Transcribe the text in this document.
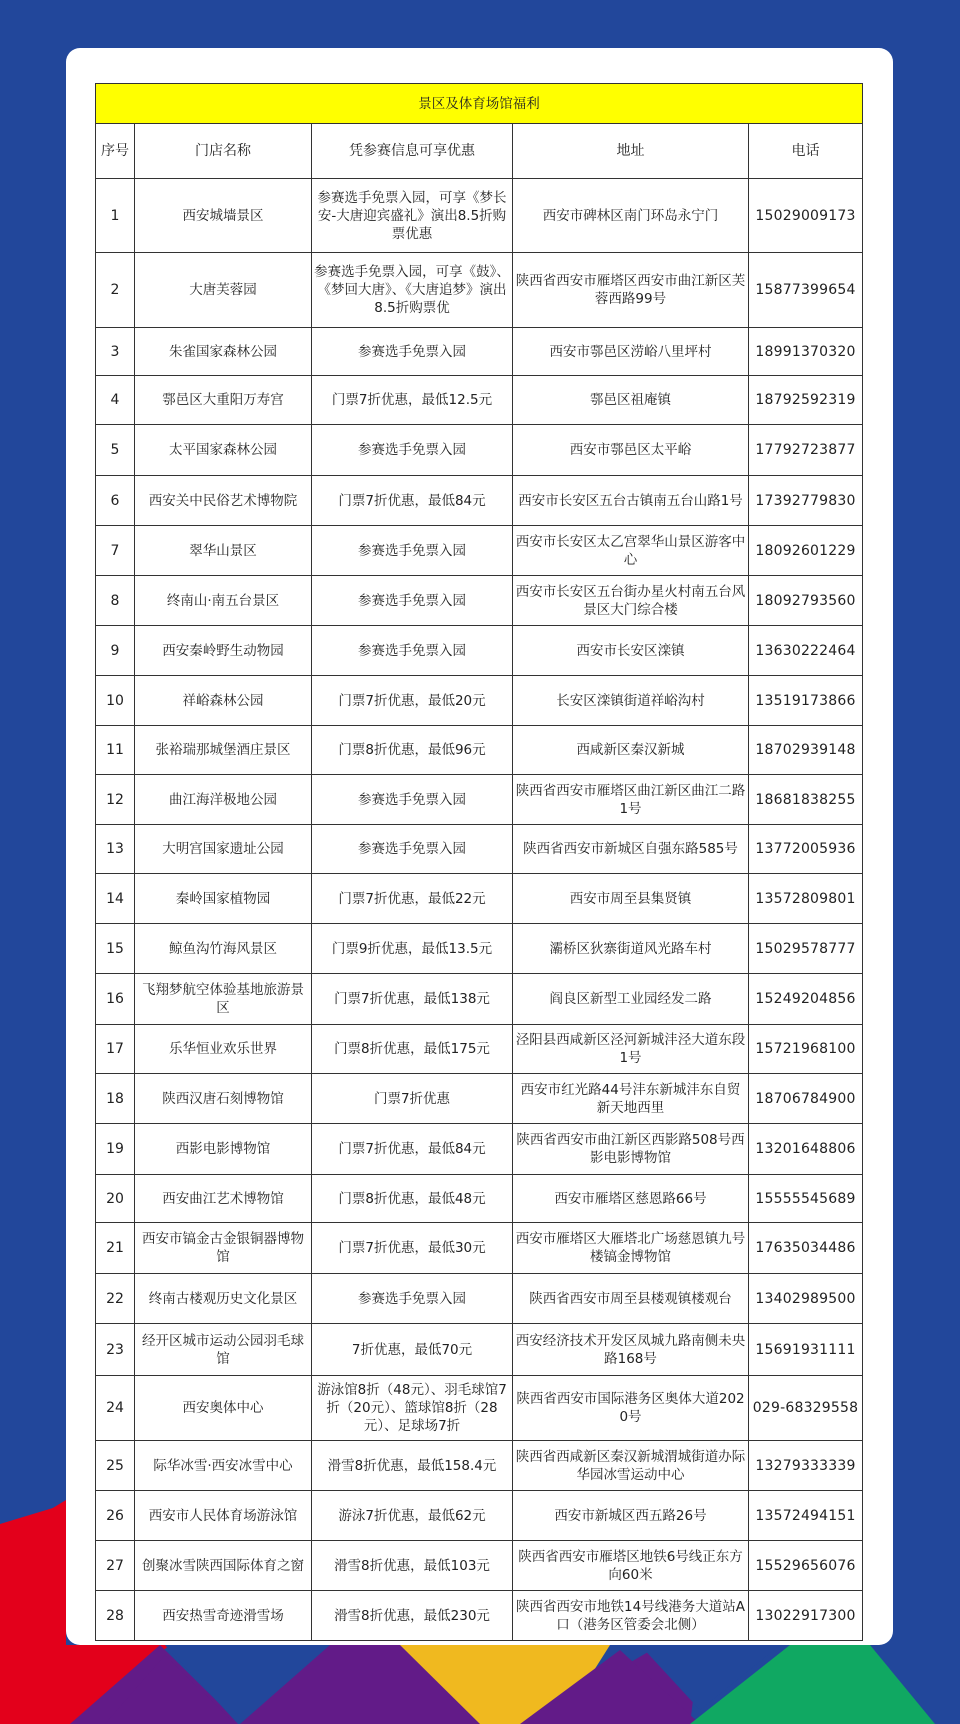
景区及体育场馆福利				
序号	门店名称	凭参赛信息可享优惠	地址	电话
1	西安城墙景区	参赛选手免票入园，可享《梦长安-大唐迎宾盛礼》演出8.5折购票优惠	西安市碑林区南门环岛永宁门	15029009173
2	大唐芙蓉园	参赛选手免票入园，可享《鼓》、《梦回大唐》、《大唐追梦》演出8.5折购票优	陕西省西安市雁塔区西安市曲江新区芙蓉西路99号	15877399654
3	朱雀国家森林公园	参赛选手免票入园	西安市鄠邑区涝峪八里坪村	18991370320
4	鄠邑区大重阳万寿宫	门票7折优惠，最低12.5元	鄠邑区祖庵镇	18792592319
5	太平国家森林公园	参赛选手免票入园	西安市鄠邑区太平峪	17792723877
6	西安关中民俗艺术博物院	门票7折优惠，最低84元	西安市长安区五台古镇南五台山路1号	17392779830
7	翠华山景区	参赛选手免票入园	西安市长安区太乙宫翠华山景区游客中心	18092601229
8	终南山·南五台景区	参赛选手免票入园	西安市长安区五台街办星火村南五台风景区大门综合楼	18092793560
9	西安秦岭野生动物园	参赛选手免票入园	西安市长安区滦镇	13630222464
10	祥峪森林公园	门票7折优惠，最低20元	长安区滦镇街道祥峪沟村	13519173866
11	张裕瑞那城堡酒庄景区	门票8折优惠，最低96元	西咸新区秦汉新城	18702939148
12	曲江海洋极地公园	参赛选手免票入园	陕西省西安市雁塔区曲江新区曲江二路1号	18681838255
13	大明宫国家遗址公园	参赛选手免票入园	陕西省西安市新城区自强东路585号	13772005936
14	秦岭国家植物园	门票7折优惠，最低22元	西安市周至县集贤镇	13572809801
15	鲸鱼沟竹海风景区	门票9折优惠，最低13.5元	灞桥区狄寨街道风光路车村	15029578777
16	飞翔梦航空体验基地旅游景区	门票7折优惠，最低138元	阎良区新型工业园经发二路	15249204856
17	乐华恒业欢乐世界	门票8折优惠，最低175元	泾阳县西咸新区泾河新城沣泾大道东段1号	15721968100
18	陕西汉唐石刻博物馆	门票7折优惠	西安市红光路44号沣东新城沣东自贸新天地西里	18706784900
19	西影电影博物馆	门票7折优惠，最低84元	陕西省西安市曲江新区西影路508号西影电影博物馆	13201648806
20	西安曲江艺术博物馆	门票8折优惠，最低48元	西安市雁塔区慈恩路66号	15555545689
21	西安市镐金古金银铜器博物馆	门票7折优惠，最低30元	西安市雁塔区大雁塔北广场慈恩镇九号楼镐金博物馆	17635034486
22	终南古楼观历史文化景区	参赛选手免票入园	陕西省西安市周至县楼观镇楼观台	13402989500
23	经开区城市运动公园羽毛球馆	7折优惠，最低70元	西安经济技术开发区凤城九路南侧未央路168号	15691931111
24	西安奥体中心	游泳馆8折（48元）、羽毛球馆7折（20元）、篮球馆8折（28元）、足球场7折	陕西省西安市国际港务区奥体大道2020号	029-68329558
25	际华冰雪·西安冰雪中心	滑雪8折优惠，最低158.4元	陕西省西咸新区秦汉新城渭城街道办际华园冰雪运动中心	13279333339
26	西安市人民体育场游泳馆	游泳7折优惠，最低62元	西安市新城区西五路26号	13572494151
27	创聚冰雪陕西国际体育之窗	滑雪8折优惠，最低103元	陕西省西安市雁塔区地铁6号线正东方向60米	15529656076
28	西安热雪奇迹滑雪场	滑雪8折优惠，最低230元	陕西省西安市地铁14号线港务大道站A口（港务区管委会北侧）	13022917300
